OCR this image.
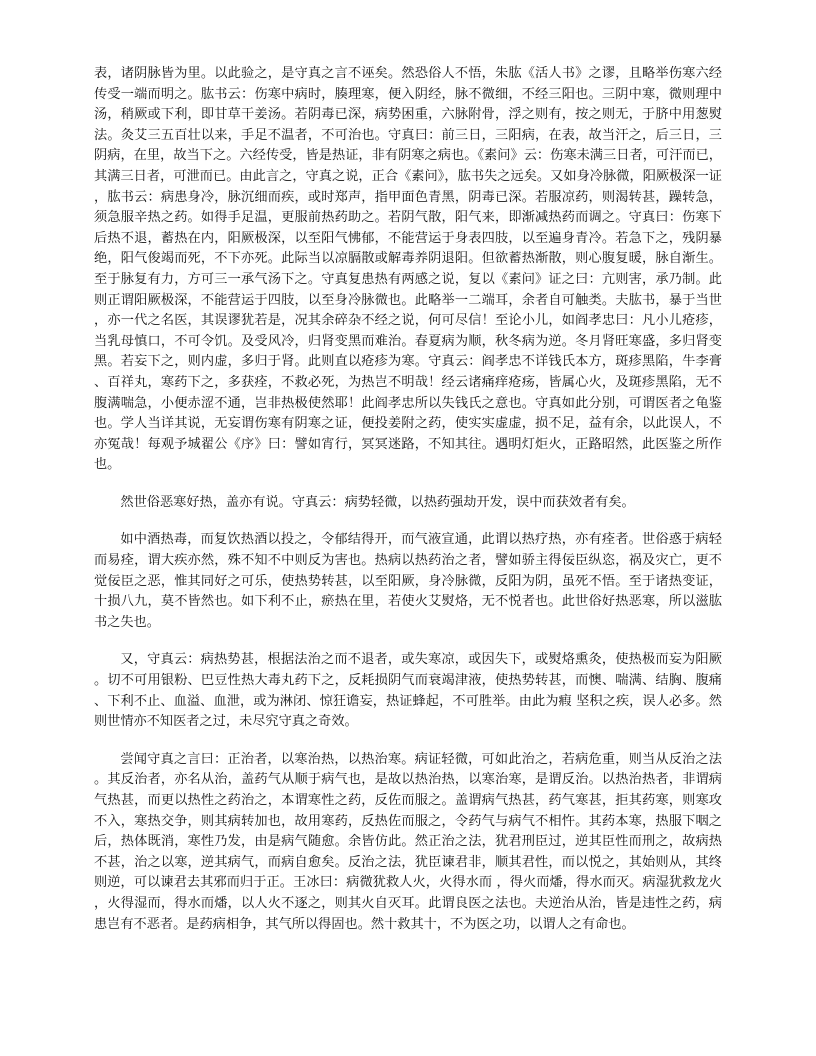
表，诸阴脉皆为里。以此验之，是守真之言不诬矣。然恐俗人不悟，朱肱《活人书》之谬，且略举伤寒六经传受一端而明之。肱书云：伤寒中病时，腠理寒，便入阴经，脉不微细，不经三阳也。三阴中寒，微则理中汤，稍厥或下利，即甘草干姜汤。若阴毒已深，病势困重，六脉附骨，浮之则有，按之则无，于脐中用葱熨法。灸艾三五百壮以来，手足不温者，不可治也。守真曰：前三日，三阳病，在表，故当汗之，后三日，三阴病，在里，故当下之。六经传受，皆是热证，非有阴寒之病也。《素问》云：伤寒未满三日者，可汗而已，其满三日者，可泄而已。由此言之，守真之说，正合《素问》，肱书失之远矣。又如身冷脉微，阳厥极深一证，肱书云：病患身冷，脉沉细而疾，或时郑声，指甲面色青黑，阴毒已深。若服凉药，则渴转甚，躁转急，须急服辛热之药。如得手足温，更服前热药助之。若阴气散，阳气来，即渐减热药而调之。守真曰：伤寒下后热不退，蓄热在内，阳厥极深，以至阳气怫郁，不能营运于身表四肢，以至遍身青冷。若急下之，残阴暴绝，阳气俊竭而死，不下亦死。此际当以凉膈散或解毒养阴退阳。但欲蓄热渐散，则心腹复暖，脉自渐生。至于脉复有力，方可三一承气汤下之。守真复患热有两感之说，复以《素问》证之曰：亢则害，承乃制。此则正谓阳厥极深，不能营运于四肢，以至身冷脉微也。此略举一二端耳，余者自可触类。夫肱书，暴于当世，亦一代之名医，其误谬犹若是，况其余碎杂不经之说，何可尽信！至论小儿，如阎孝忠曰：凡小儿疮疹，当乳母慎口，不可令饥。及受风冷，归肾变黑而难治。春夏病为顺，秋冬病为逆。冬月肾旺寒盛，多归肾变黑。若妄下之，则内虚，多归于肾。此则直以疮疹为寒。守真云：阎孝忠不详钱氏本方，斑疹黑陷，牛李膏、百祥丸，寒药下之，多获痊，不救必死，为热岂不明哉！经云诸痛痒疮疡，皆属心火，及斑疹黑陷，无不腹满喘急，小便赤涩不通，岂非热极使然耶！此阎孝忠所以失钱氏之意也。守真如此分别，可谓医者之龟鉴也。学人当详其说，无妄谓伤寒有阴寒之证，便投姜附之药，使实实虚虚，损不足，益有余，以此误人，不亦冤哉！每观予城翟公《序》曰：譬如宵行，冥冥迷路，不知其往。遇明灯炬火，正路昭然，此医鉴之所作也。

然世俗恶寒好热，盖亦有说。守真云：病势轻微，以热药强劫开发，误中而获效者有矣。

如中酒热毒，而复饮热酒以投之，令郁结得开，而气液宣通，此谓以热疗热，亦有痊者。世俗惑于病轻而易痊，谓大疾亦然，殊不知不中则反为害也。热病以热药治之者，譬如骄主得佞臣纵恣，祸及灾亡，更不觉佞臣之恶，惟其同好之可乐，使热势转甚，以至阳厥，身冷脉微，反阳为阴，虽死不悟。至于诸热变证，十损八九，莫不皆然也。如下利不止，瘀热在里，若使火艾熨烙，无不悦者也。此世俗好热恶寒，所以滋肱书之失也。

又，守真云：病热势甚，根据法治之而不退者，或失寒凉，或因失下，或熨烙熏灸，使热极而妄为阳厥。切不可用银粉、巴豆性热大毒丸药下之，反耗损阴气而衰竭津液，使热势转甚，而懊、喘满、结胸、腹痛、下利不止、血溢、血泄，或为淋闭、惊狂谵妄，热证蜂起，不可胜举。由此为瘕 坚积之疾，误人必多。然则世情亦不知医者之过，未尽究守真之奇效。

尝闻守真之言曰：正治者，以寒治热，以热治寒。病证轻微，可如此治之，若病危重，则当从反治之法。其反治者，亦名从治，盖药气从顺于病气也，是故以热治热，以寒治寒，是谓反治。以热治热者，非谓病气热甚，而更以热性之药治之，本谓寒性之药，反佐而服之。盖谓病气热甚，药气寒甚，拒其药寒，则寒攻不入，寒热交争，则其病转加也，故用寒药，反热佐而服之，令药气与病气不相忤。其药本寒，热服下咽之后，热体既消，寒性乃发，由是病气随愈。余皆仿此。然正治之法，犹君刑臣过，逆其臣性而刑之，故病热不甚，治之以寒，逆其病气，而病自愈矣。反治之法，犹臣谏君非，顺其君性，而以悦之，其始则从，其终则逆，可以谏君去其邪而归于正。王冰曰：病微犹救人火，火得水而 ，得火而燔，得水而灭。病湿犹救龙火，火得湿而，得水而燔，以人火不逐之，则其火自灭耳。此谓良医之法也。夫逆治从治，皆是违性之药，病患岂有不恶者。是药病相争，其气所以得固也。然十救其十，不为医之功，以谓人之有命也。
